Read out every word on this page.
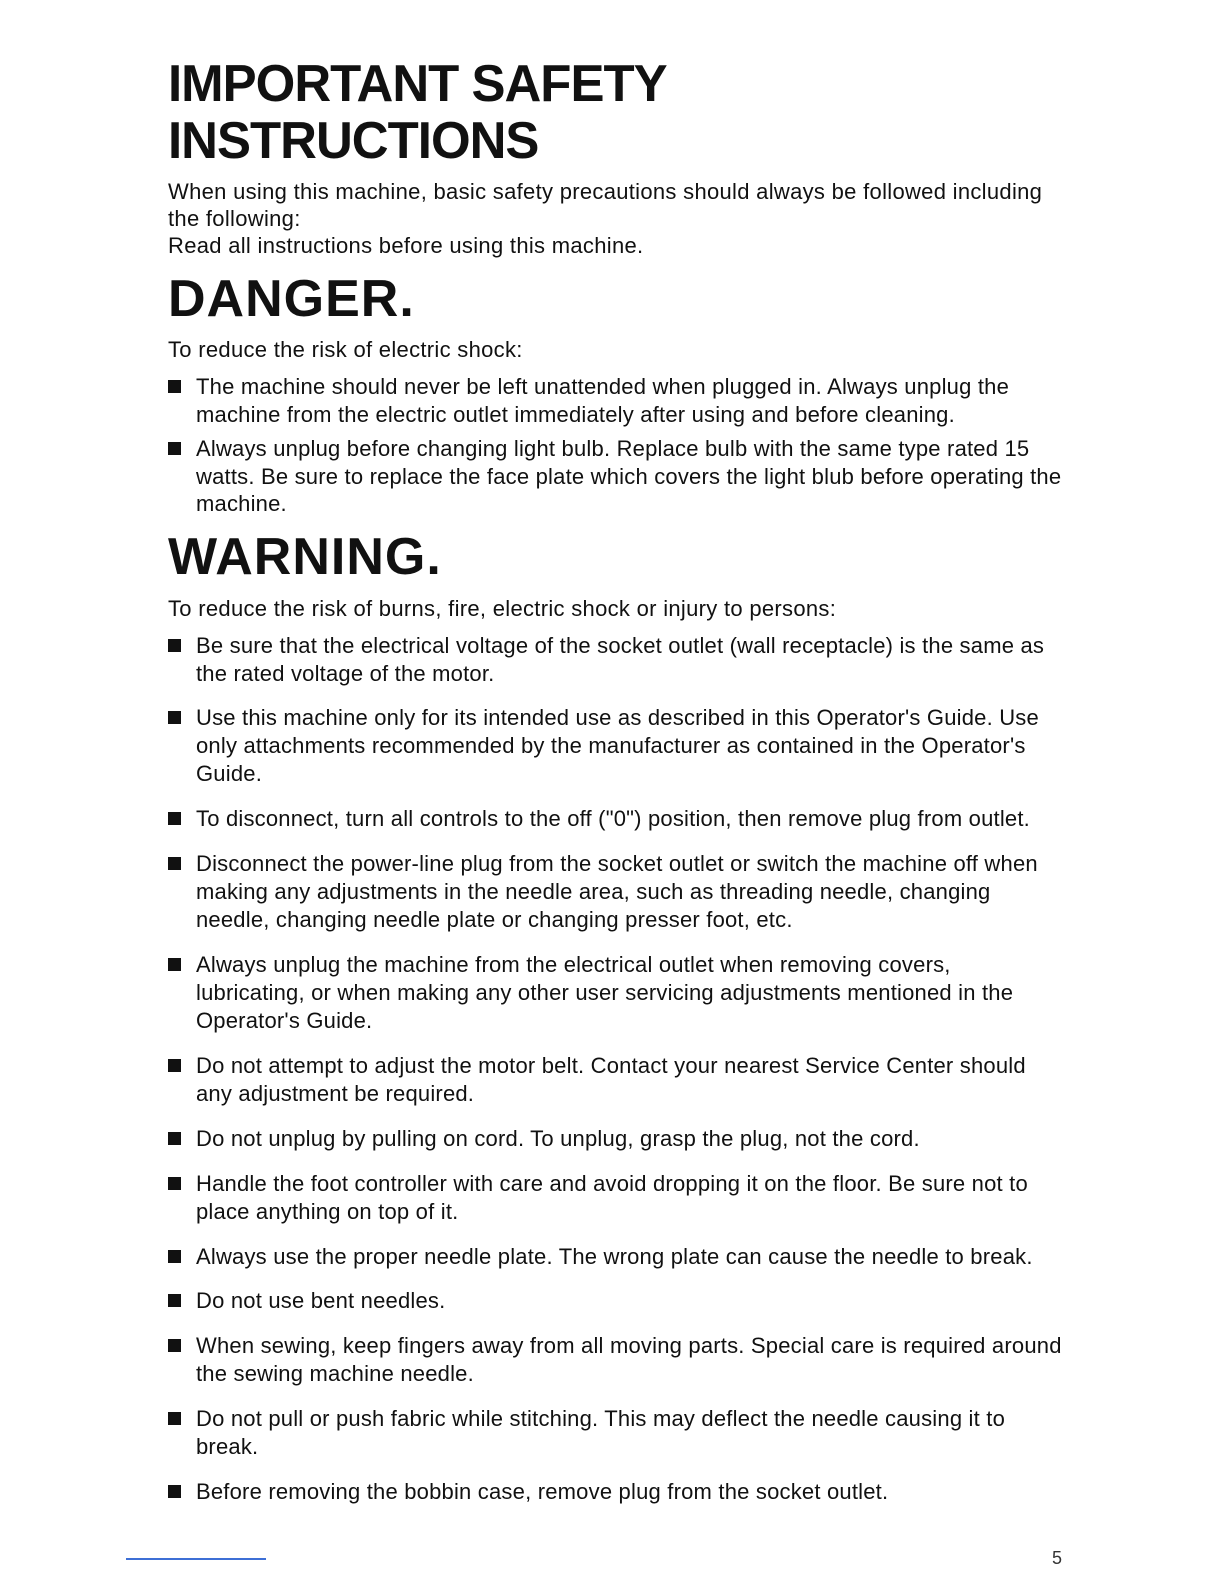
IMPORTANT SAFETY INSTRUCTIONS

When using this machine, basic safety precautions should always be followed including the following:

Read all instructions before using this machine.

DANGER.

To reduce the risk of electric shock:

The machine should never be left unattended when plugged in. Always unplug the machine from the electric outlet immediately after using and before cleaning.
Always unplug before changing light bulb. Replace bulb with the same type rated 15 watts. Be sure to replace the face plate which covers the light blub before operating the machine.
WARNING.

To reduce the risk of burns, fire, electric shock or injury to persons:

Be sure that the electrical voltage of the socket outlet (wall receptacle) is the same as the rated voltage of the motor.
Use this machine only for its intended use as described in this Operator's Guide. Use only attachments recommended by the manufacturer as contained in the Operator's Guide.
To disconnect, turn all controls to the off ("0") position, then remove plug from outlet.
Disconnect the power-line plug from the socket outlet or switch the machine off when making any adjustments in the needle area, such as threading needle, changing needle, changing needle plate or changing presser foot, etc.
Always unplug the machine from the electrical outlet when removing covers, lubricating, or when making any other user servicing adjustments mentioned in the Operator's Guide.
Do not attempt to adjust the motor belt. Contact your nearest Service Center should any adjustment be required.
Do not unplug by pulling on cord. To unplug, grasp the plug, not the cord.
Handle the foot controller with care and avoid dropping it on the floor. Be sure not to place anything on top of it.
Always use the proper needle plate. The wrong plate can cause the needle to break.
Do not use bent needles.
When sewing, keep fingers away from all moving parts. Special care is required around the sewing machine needle.
Do not pull or push fabric while stitching. This may deflect the needle causing it to break.
Before removing the bobbin case, remove plug from the socket outlet.
5
